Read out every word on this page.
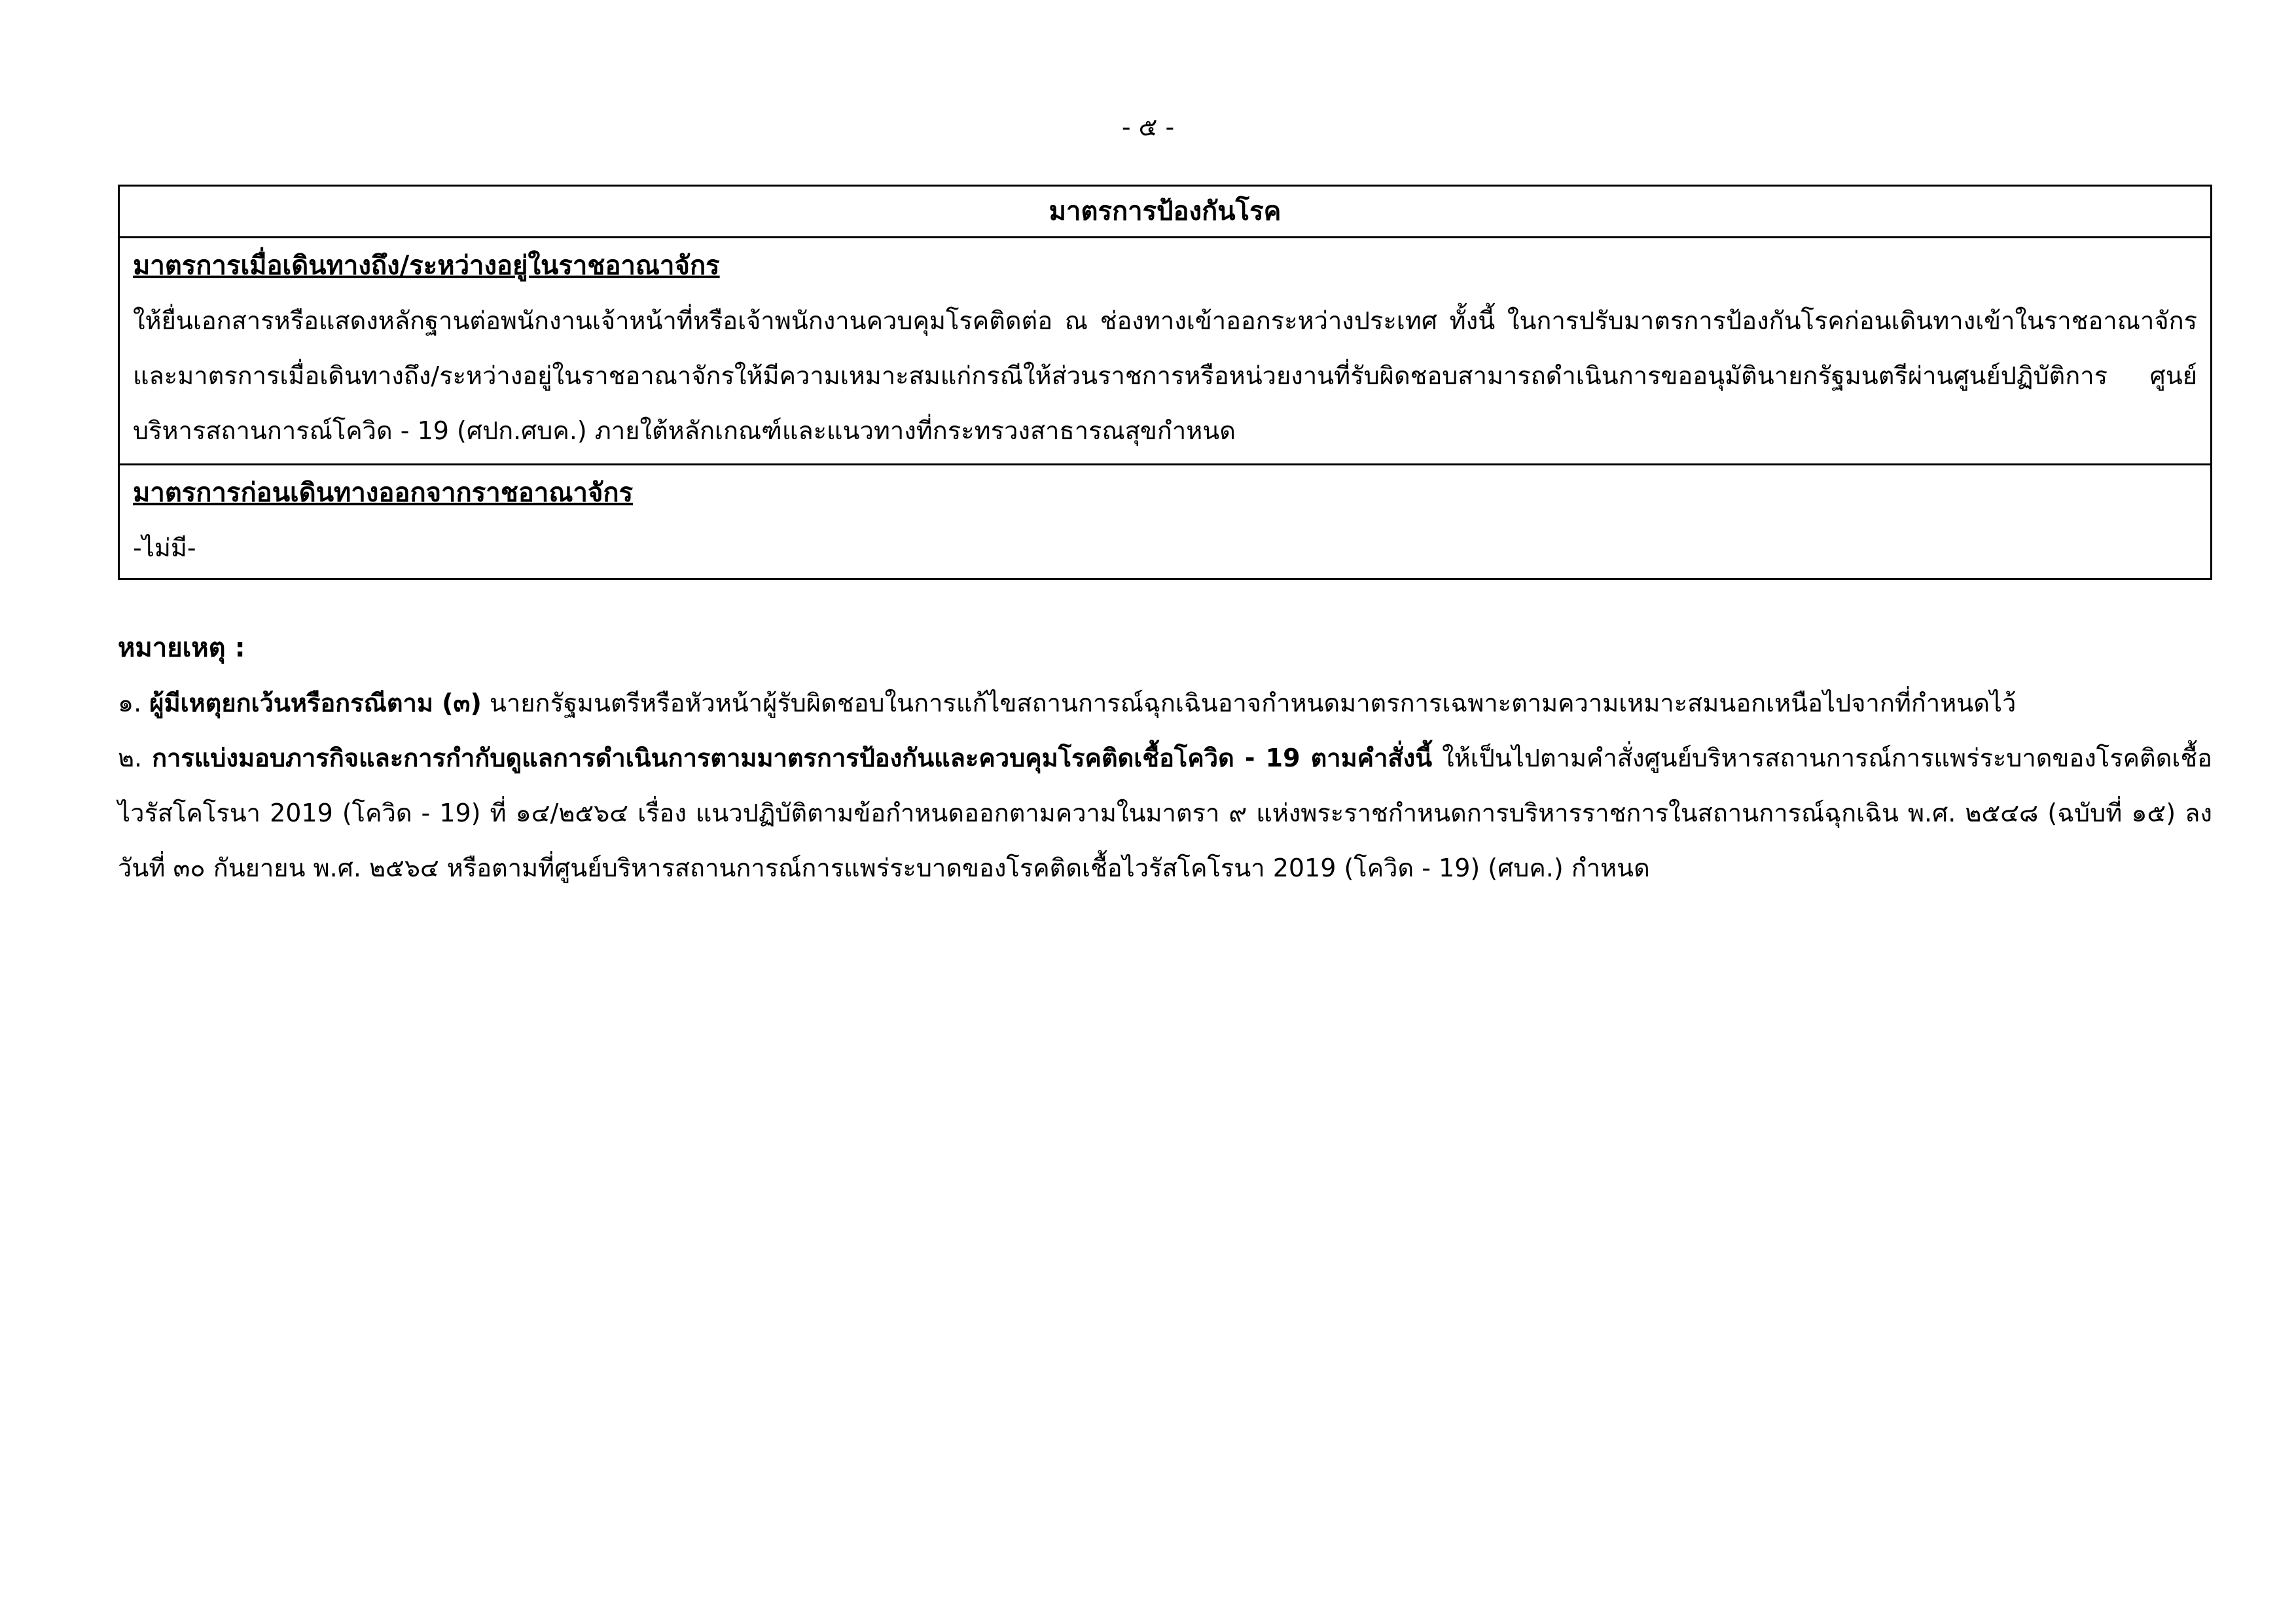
- ๕ -
มาตรการป้องกันโรค
มาตรการเมื่อเดินทางถึง/ระหว่างอยู่ในราชอาณาจักร
ให้ยื่นเอกสารหรือแสดงหลักฐานต่อพนักงานเจ้าหน้าที่หรือเจ้าพนักงานควบคุมโรคติดต่อ ณ ช่องทางเข้าออกระหว่างประเทศ ทั้งนี้ ในการปรับมาตรการป้องกันโรคก่อนเดินทางเข้าในราชอาณาจักรและมาตรการเมื่อเดินทางถึง/ระหว่างอยู่ในราชอาณาจักรให้มีความเหมาะสมแก่กรณีให้ส่วนราชการหรือหน่วยงานที่รับผิดชอบสามารถดำเนินการขออนุมัตินายกรัฐมนตรีผ่านศูนย์ปฏิบัติการ ศูนย์บริหารสถานการณ์โควิด - 19 (ศปก.ศบค.) ภายใต้หลักเกณฑ์และแนวทางที่กระทรวงสาธารณสุขกำหนด
มาตรการก่อนเดินทางออกจากราชอาณาจักร
-ไม่มี-
หมายเหตุ :
๑. ผู้มีเหตุยกเว้นหรือกรณีตาม (๓) นายกรัฐมนตรีหรือหัวหน้าผู้รับผิดชอบในการแก้ไขสถานการณ์ฉุกเฉินอาจกำหนดมาตรการเฉพาะตามความเหมาะสมนอกเหนือไปจากที่กำหนดไว้
๒. การแบ่งมอบภารกิจและการกำกับดูแลการดำเนินการตามมาตรการป้องกันและควบคุมโรคติดเชื้อโควิด - 19 ตามคำสั่งนี้ ให้เป็นไปตามคำสั่งศูนย์บริหารสถานการณ์การแพร่ระบาดของโรคติดเชื้อไวรัสโคโรนา 2019 (โควิด - 19) ที่ ๑๔/๒๕๖๔ เรื่อง แนวปฏิบัติตามข้อกำหนดออกตามความในมาตรา ๙ แห่งพระราชกำหนดการบริหารราชการในสถานการณ์ฉุกเฉิน พ.ศ. ๒๕๔๘ (ฉบับที่ ๑๕) ลงวันที่ ๓๐ กันยายน พ.ศ. ๒๕๖๔ หรือตามที่ศูนย์บริหารสถานการณ์การแพร่ระบาดของโรคติดเชื้อไวรัสโคโรนา 2019 (โควิด - 19) (ศบค.) กำหนด
